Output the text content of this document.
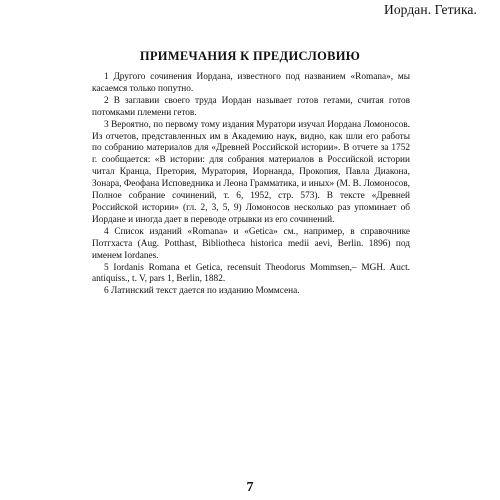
Иордан. Гетика.
ПРИМЕЧАНИЯ К ПРЕДИСЛОВИЮ

1 Другого сочинения Иордана, известного под названием «Romana», мы касаемся только попутно.

2 В заглавии своего труда Иордан называет готов гетами, считая готов потомками племени гетов.

3 Вероятно, по первому тому издания Муратори изучал Иордана Ломоносов. Из отчетов, представленных им в Академию наук, видно, как шли его работы по собранию материалов для «Древней Российской истории». В отчете за 1752 г. сообщается: «В истории: для собрания материалов в Российской истории читал Кранца, Претория, Муратория, Иорнанда, Прокопия, Павла Диакона, Зонара, Феофана Исповедника и Леона Грамматика, и иных» (М. В. Ломоносов, Полное собрание сочинений, т. 6, 1952, стр. 573). В тексте «Древней Российской истории» (гл. 2, 3, 5, 9) Ломоносов несколько раз упоминает об Иордане и иногда дает в переводе отрывки из его сочинений.

4 Список изданий «Romana» и «Getica» см., например, в справочнике Потгхаста (Aug. Potthast, Bibliotheca historica medii aevi, Berlin. 1896) под именем Iordanes.

5 Iordanis Romana et Getica, recensuit Theodorus Mommsen,– MGH. Auct. antiquiss., t. V, pars 1, Berlin, 1882.

6 Латинский текст дается по изданию Моммсена.

7
